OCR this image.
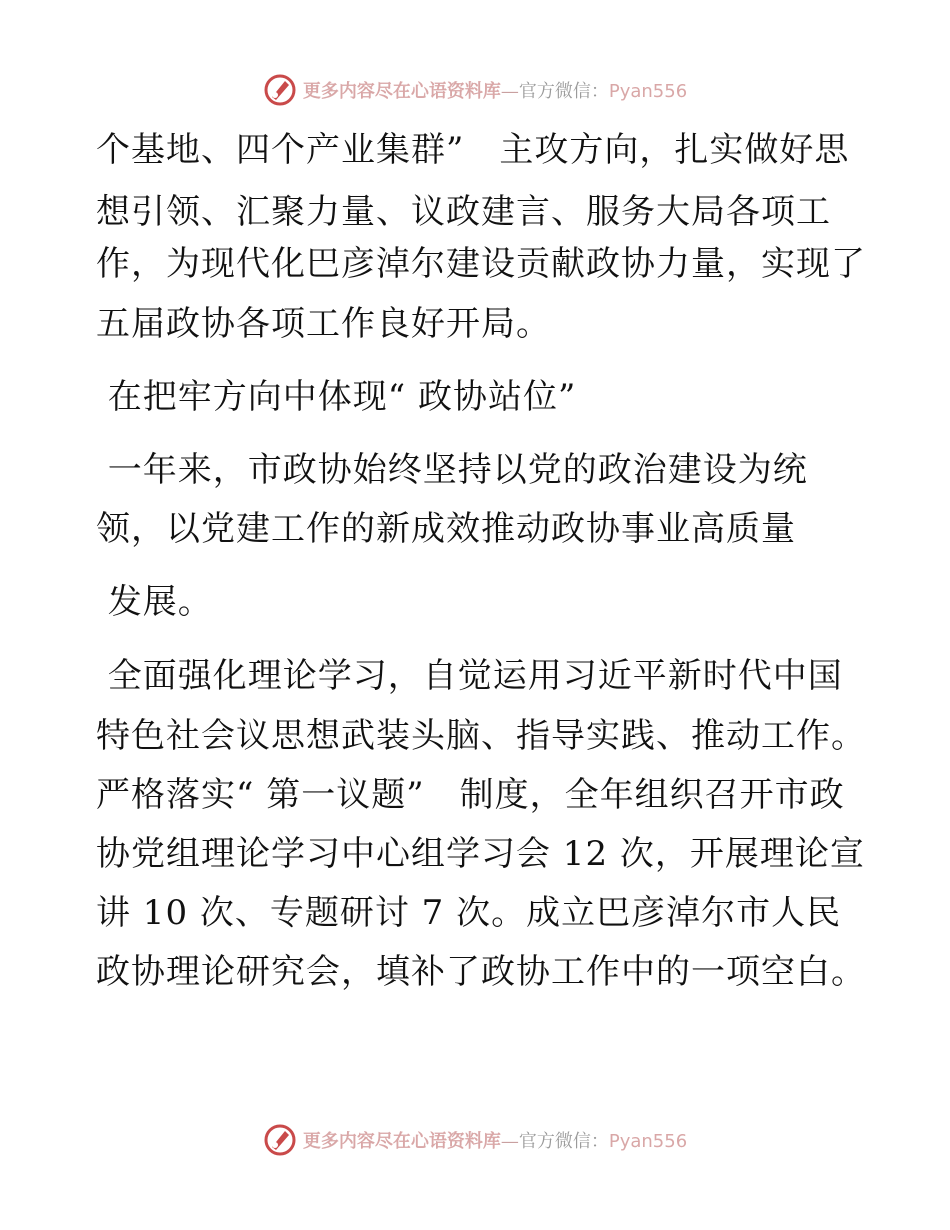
更多内容尽在心语资料库—官方微信：Pyan556
个基地、四个产业集群”　主攻方向，扎实做好思
想引领、汇聚力量、议政建言、服务大局各项工
作，为现代化巴彦淖尔建设贡献政协力量，实现了
五届政协各项工作良好开局。
在把牢方向中体现“ 政协站位”
一年来，市政协始终坚持以党的政治建设为统
领，以党建工作的新成效推动政协事业高质量
发展。
全面强化理论学习，自觉运用习近平新时代中国
特色社会议思想武装头脑、指导实践、推动工作。
严格落实“ 第一议题”　制度，全年组织召开市政
协党组理论学习中心组学习会 12 次，开展理论宣
讲 10 次、专题研讨 7 次。成立巴彦淖尔市人民
政协理论研究会，填补了政协工作中的一项空白。
更多内容尽在心语资料库—官方微信：Pyan556
